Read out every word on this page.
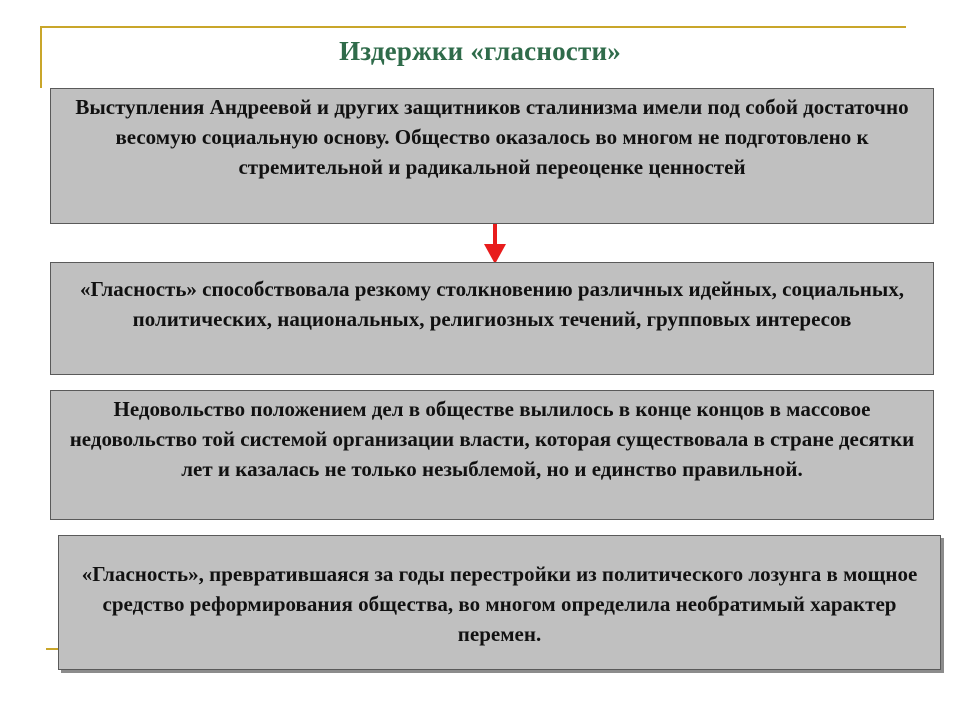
Издержки «гласности»
Выступления Андреевой и других защитников сталинизма имели под собой достаточно весомую социальную основу. Общество оказалось во многом не подготовлено к стремительной и радикальной переоценке ценностей
«Гласность» способствовала резкому столкновению различных идейных, социальных, политических, национальных, религиозных течений, групповых интересов
Недовольство положением дел в обществе вылилось в конце концов в массовое недовольство той системой организации власти, которая существовала в стране десятки лет и казалась не только незыблемой, но и единство правильной.
«Гласность», превратившаяся за годы перестройки из политического лозунга в мощное средство реформирования общества, во многом определила необратимый характер перемен.
